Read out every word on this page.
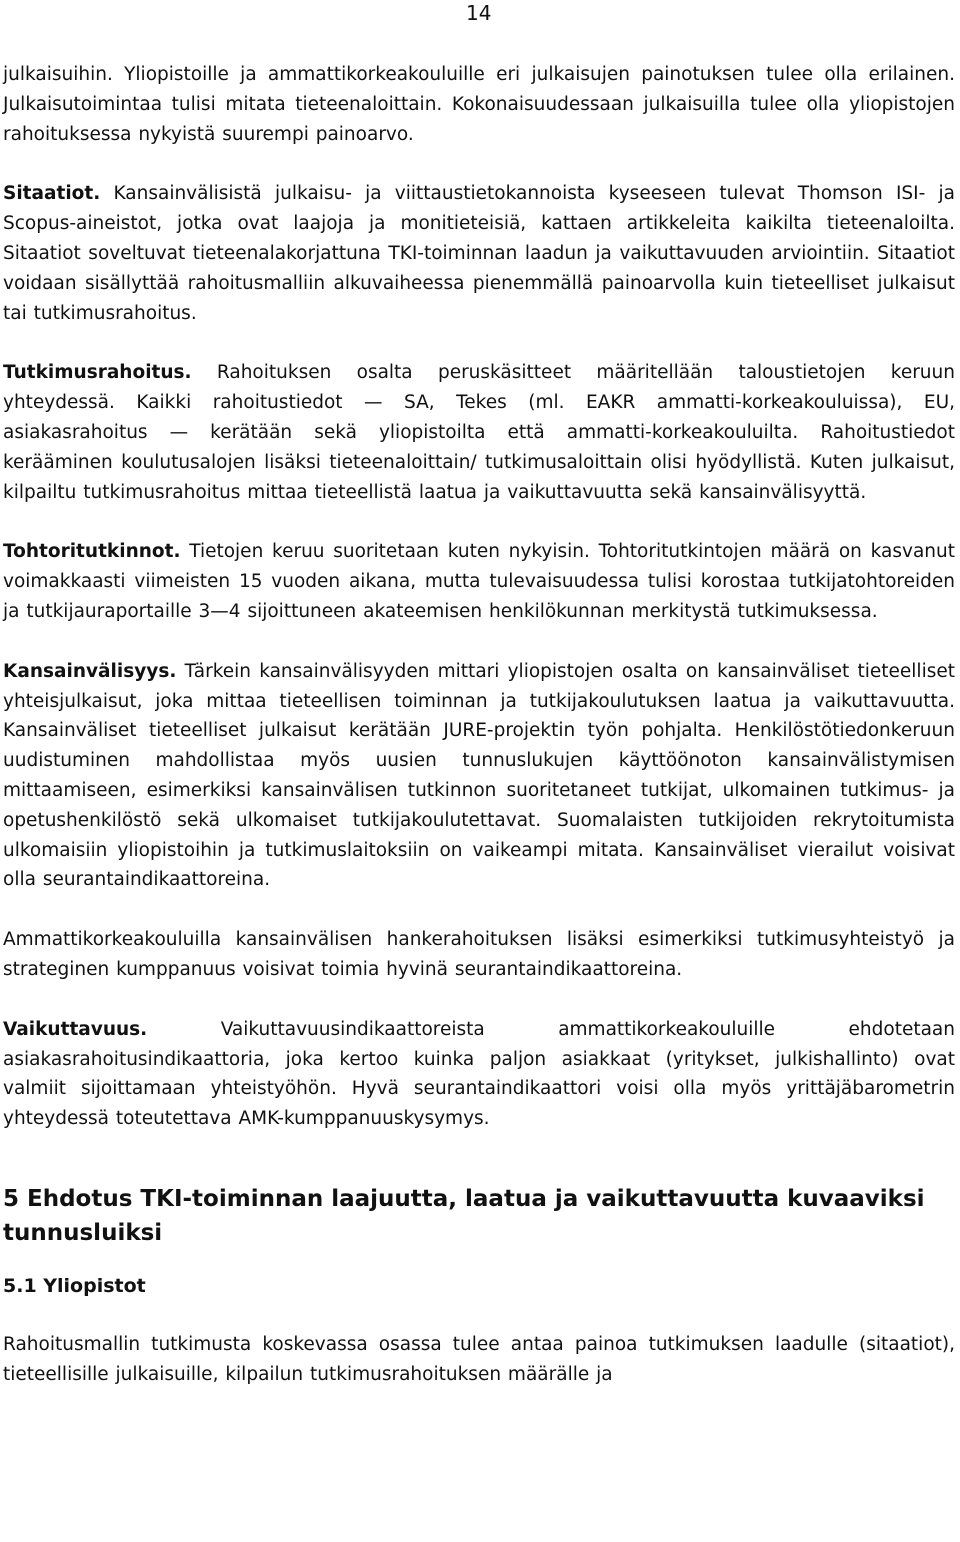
14

julkaisuihin. Yliopistoille ja ammattikorkeakouluille eri julkaisujen painotuksen tulee olla erilainen. Julkaisutoimintaa tulisi mitata tieteenaloittain. Kokonaisuudessaan julkaisuilla tulee olla yliopistojen rahoituksessa nykyistä suurempi painoarvo.

Sitaatiot. Kansainvälisistä julkaisu- ja viittaustietokannoista kyseeseen tulevat Thomson ISI- ja Scopus-aineistot, jotka ovat laajoja ja monitieteisiä, kattaen artikkeleita kaikilta tieteenaloilta. Sitaatiot soveltuvat tieteenalakorjattuna TKI-toiminnan laadun ja vaikuttavuuden arviointiin. Sitaatiot voidaan sisällyttää rahoitusmalliin alkuvaiheessa pienemmällä painoarvolla kuin tieteelliset julkaisut tai tutkimusrahoitus.

Tutkimusrahoitus. Rahoituksen osalta peruskäsitteet määritellään taloustietojen keruun yhteydessä. Kaikki rahoitustiedot — SA, Tekes (ml. EAKR ammatti-korkeakouluissa), EU, asiakasrahoitus — kerätään sekä yliopistoilta että ammatti-korkeakouluilta. Rahoitustiedot kerääminen koulutusalojen lisäksi tieteenaloittain/ tutkimusaloittain olisi hyödyllistä. Kuten julkaisut, kilpailtu tutkimusrahoitus mittaa tieteellistä laatua ja vaikuttavuutta sekä kansainvälisyyttä.

Tohtoritutkinnot. Tietojen keruu suoritetaan kuten nykyisin. Tohtoritutkintojen määrä on kasvanut voimakkaasti viimeisten 15 vuoden aikana, mutta tulevaisuudessa tulisi korostaa tutkijatohtoreiden ja tutkijauraportaille 3—4 sijoittuneen akateemisen henkilökunnan merkitystä tutkimuksessa.

Kansainvälisyys. Tärkein kansainvälisyyden mittari yliopistojen osalta on kansainväliset tieteelliset yhteisjulkaisut, joka mittaa tieteellisen toiminnan ja tutkijakoulutuksen laatua ja vaikuttavuutta. Kansainväliset tieteelliset julkaisut kerätään JURE-projektin työn pohjalta. Henkilöstötiedonkeruun uudistuminen mahdollistaa myös uusien tunnuslukujen käyttöönoton kansainvälistymisen mittaamiseen, esimerkiksi kansainvälisen tutkinnon suoritetaneet tutkijat, ulkomainen tutkimus- ja opetushenkilöstö sekä ulkomaiset tutkijakoulutettavat. Suomalaisten tutkijoiden rekrytoitumista ulkomaisiin yliopistoihin ja tutkimuslaitoksiin on vaikeampi mitata. Kansainväliset vierailut voisivat olla seurantaindikaattoreina.

Ammattikorkeakouluilla kansainvälisen hankerahoituksen lisäksi esimerkiksi tutkimusyhteistyö ja strateginen kumppanuus voisivat toimia hyvinä seurantaindikaattoreina.

Vaikuttavuus. Vaikuttavuusindikaattoreista ammattikorkeakouluille ehdotetaan asiakasrahoitusindikaattoria, joka kertoo kuinka paljon asiakkaat (yritykset, julkishallinto) ovat valmiit sijoittamaan yhteistyöhön. Hyvä seurantaindikaattori voisi olla myös yrittäjäbarometrin yhteydessä toteutettava AMK-kumppanuuskysymys.

5 Ehdotus TKI-toiminnan laajuutta, laatua ja vaikuttavuutta kuvaaviksi tunnusluiksi
5.1 Yliopistot

Rahoitusmallin tutkimusta koskevassa osassa tulee antaa painoa tutkimuksen laadulle (sitaatiot), tieteellisille julkaisuille, kilpailun tutkimusrahoituksen määrälle ja
